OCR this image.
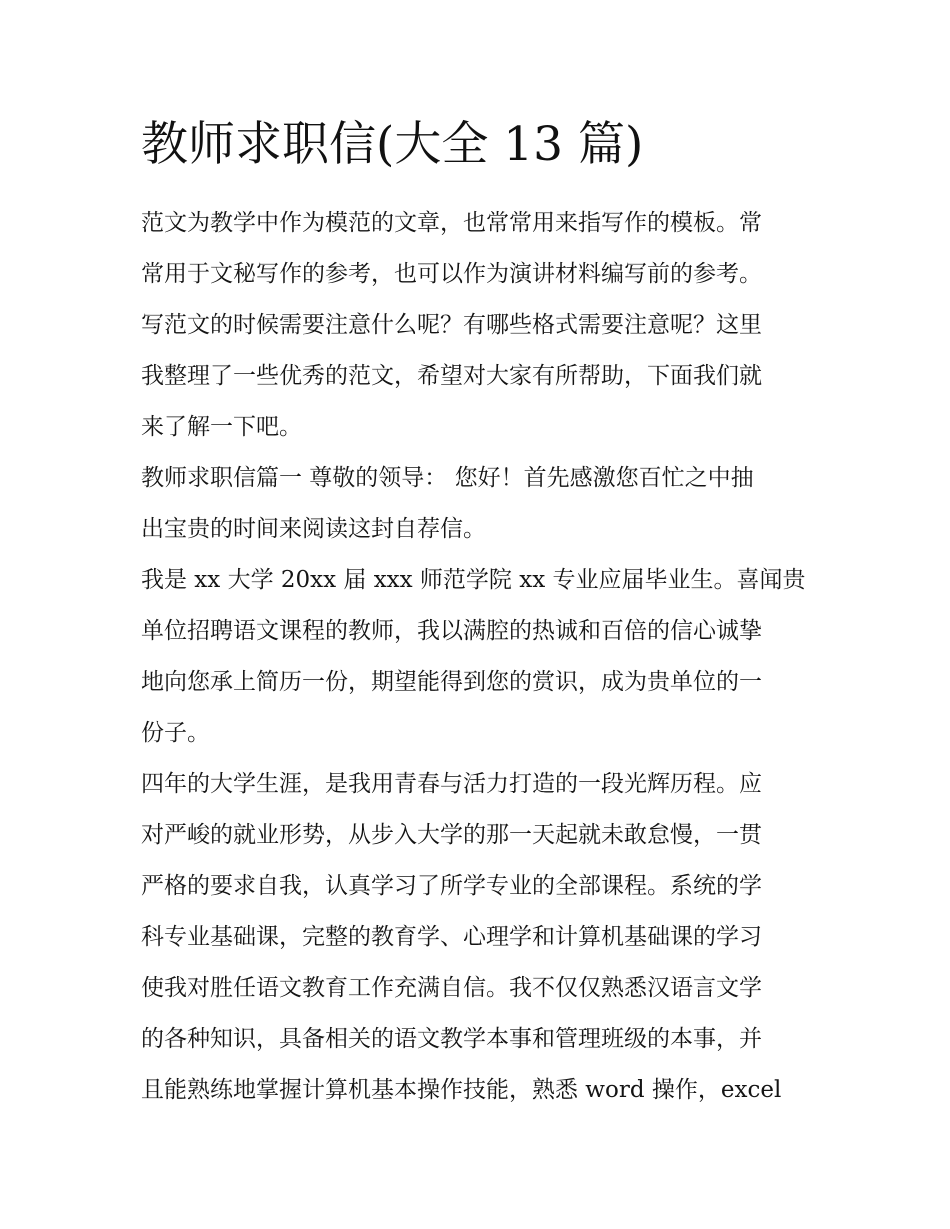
教师求职信(大全 13 篇)
范文为教学中作为模范的文章，也常常用来指写作的模板。常
常用于文秘写作的参考，也可以作为演讲材料编写前的参考。
写范文的时候需要注意什么呢？有哪些格式需要注意呢？这里
我整理了一些优秀的范文，希望对大家有所帮助，下面我们就
来了解一下吧。
教师求职信篇一 尊敬的领导： 您好！首先感激您百忙之中抽
出宝贵的时间来阅读这封自荐信。
我是 xx 大学 20xx 届 xxx 师范学院 xx 专业应届毕业生。喜闻贵
单位招聘语文课程的教师，我以满腔的热诚和百倍的信心诚挚
地向您承上简历一份，期望能得到您的赏识，成为贵单位的一
份子。
四年的大学生涯，是我用青春与活力打造的一段光辉历程。应
对严峻的就业形势，从步入大学的那一天起就未敢怠慢，一贯
严格的要求自我，认真学习了所学专业的全部课程。系统的学
科专业基础课，完整的教育学、心理学和计算机基础课的学习
使我对胜任语文教育工作充满自信。我不仅仅熟悉汉语言文学
的各种知识，具备相关的语文教学本事和管理班级的本事，并
且能熟练地掌握计算机基本操作技能，熟悉 word 操作，excel
